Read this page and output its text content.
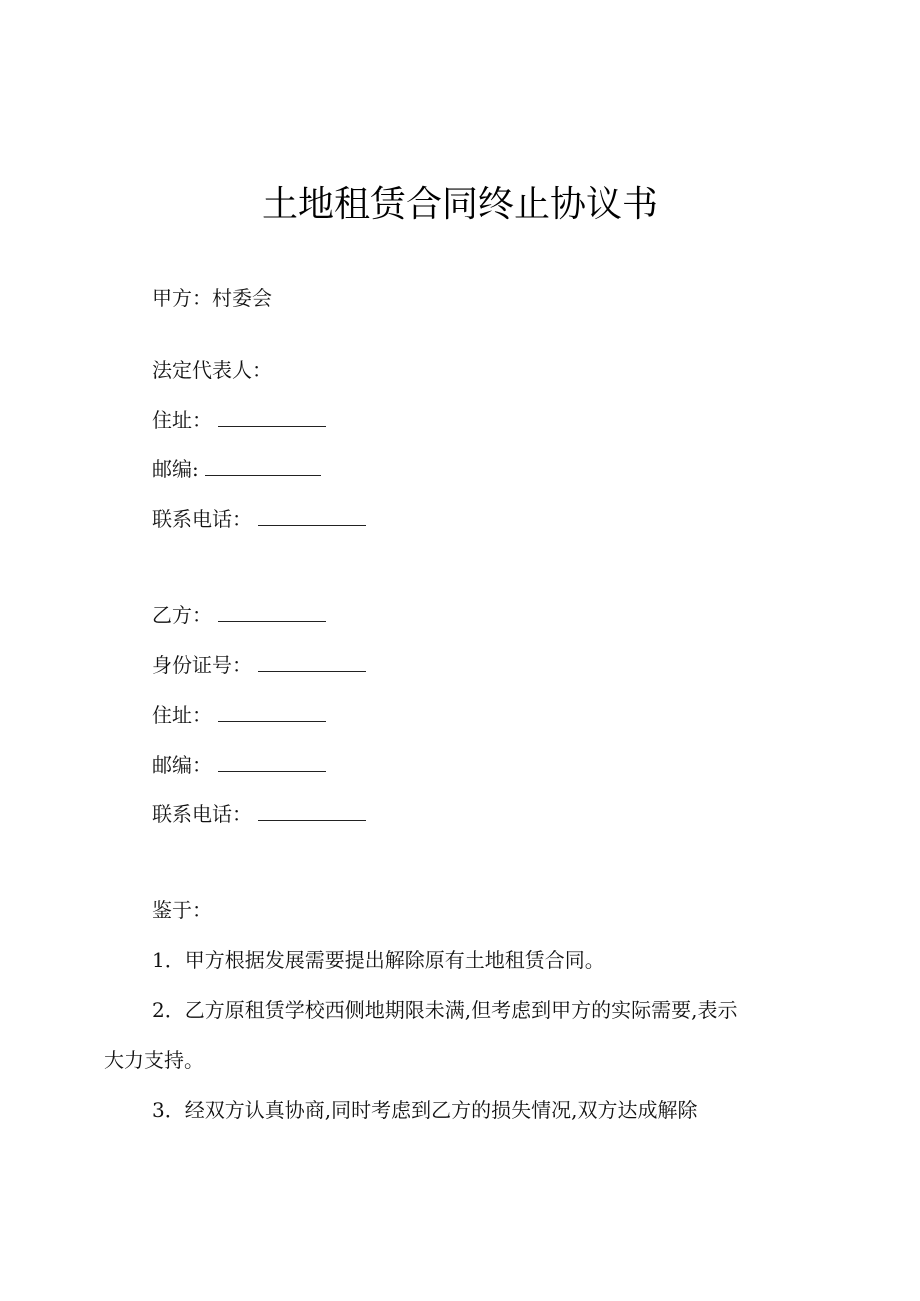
土地租赁合同终止协议书
甲方：村委会
法定代表人：
住址：
邮编:
联系电话：
乙方：
身份证号：
住址：
邮编：
联系电话：
鉴于：
1．甲方根据发展需要提出解除原有土地租赁合同。
2．乙方原租赁学校西侧地期限未满,但考虑到甲方的实际需要,表示
大力支持。
3．经双方认真协商,同时考虑到乙方的损失情况,双方达成解除
